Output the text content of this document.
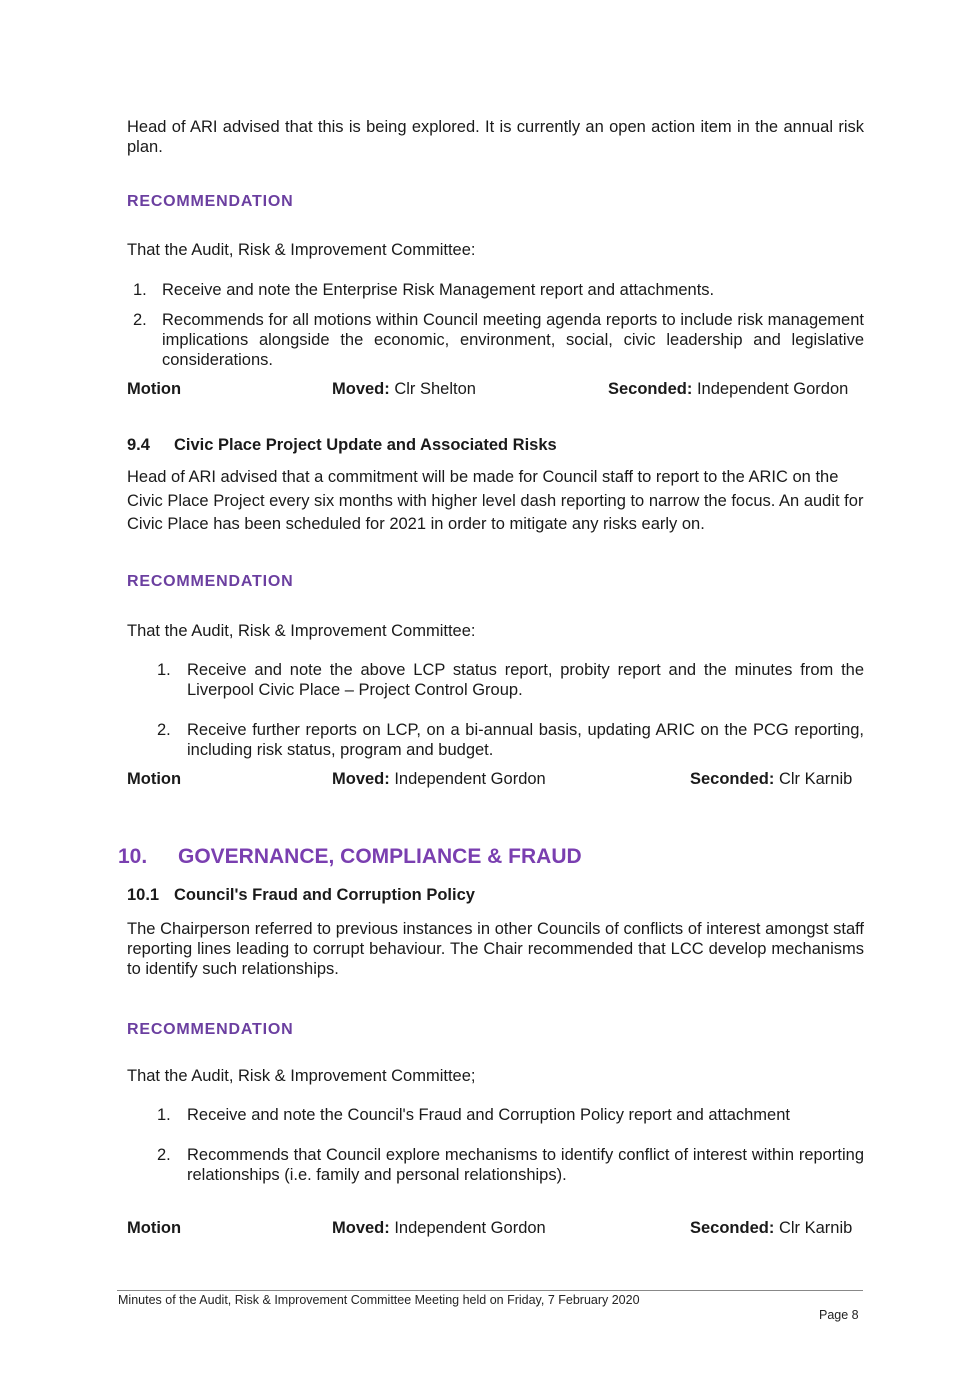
Head of ARI advised that this is being explored. It is currently an open action item in the annual risk plan.
RECOMMENDATION
That the Audit, Risk & Improvement Committee:
1. Receive and note the Enterprise Risk Management report and attachments.
2. Recommends for all motions within Council meeting agenda reports to include risk management implications alongside the economic, environment, social, civic leadership and legislative considerations.
Motion	Moved: Clr Shelton	Seconded: Independent Gordon
9.4 Civic Place Project Update and Associated Risks
Head of ARI advised that a commitment will be made for Council staff to report to the ARIC on the Civic Place Project every six months with higher level dash reporting to narrow the focus. An audit for Civic Place has been scheduled for 2021 in order to mitigate any risks early on.
RECOMMENDATION
That the Audit, Risk & Improvement Committee:
1. Receive and note the above LCP status report, probity report and the minutes from the Liverpool Civic Place – Project Control Group.
2. Receive further reports on LCP, on a bi-annual basis, updating ARIC on the PCG reporting, including risk status, program and budget.
Motion	Moved: Independent Gordon	Seconded: Clr Karnib
10. GOVERNANCE, COMPLIANCE & FRAUD
10.1 Council's Fraud and Corruption Policy
The Chairperson referred to previous instances in other Councils of conflicts of interest amongst staff reporting lines leading to corrupt behaviour. The Chair recommended that LCC develop mechanisms to identify such relationships.
RECOMMENDATION
That the Audit, Risk & Improvement Committee;
1. Receive and note the Council's Fraud and Corruption Policy report and attachment
2. Recommends that Council explore mechanisms to identify conflict of interest within reporting relationships (i.e. family and personal relationships).
Motion	Moved: Independent Gordon	Seconded: Clr Karnib
Minutes of the Audit, Risk & Improvement Committee Meeting held on Friday, 7 February 2020
Page 8
